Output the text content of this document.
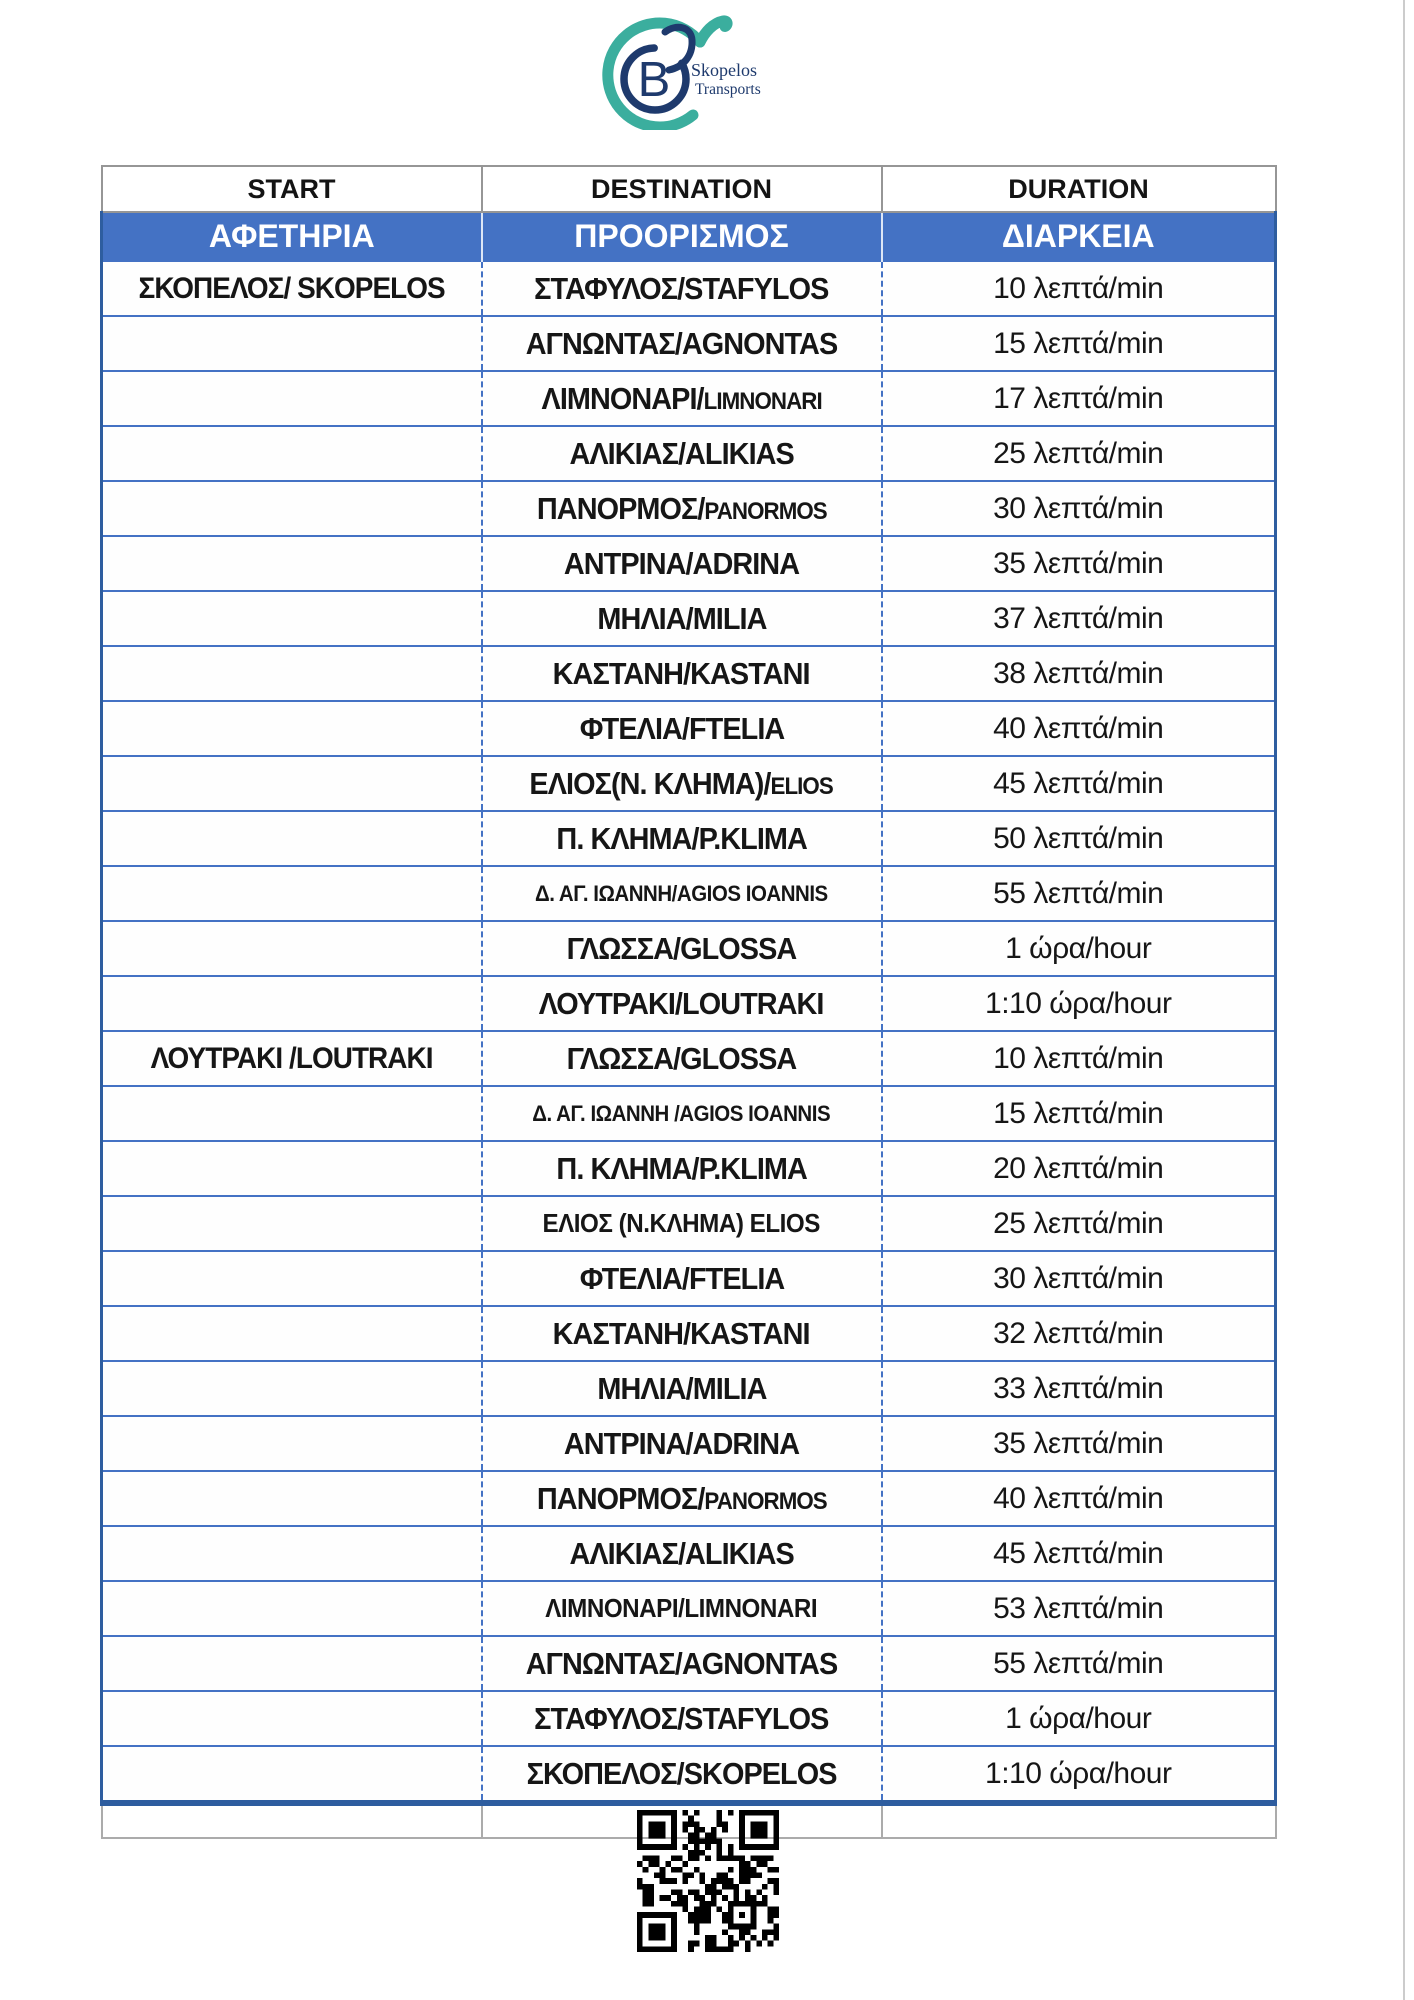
B Skopelos
Transports
START	DESTINATION	DURATION
ΑΦΕΤΗΡΙΑ	ΠΡΟΟΡΙΣΜΟΣ	ΔΙΑΡΚΕΙΑ
ΣΚΟΠΕΛΟΣ/ SKOPELOS	ΣΤΑΦΥΛΟΣ/STAFYLOS	10 λεπτά/min
	ΑΓΝΩΝΤΑΣ/AGNONTAS	15 λεπτά/min
	ΛΙΜΝΟΝΑΡΙ/LIMNONARI	17 λεπτά/min
	ΑΛΙΚΙΑΣ/ALIKIAS	25 λεπτά/min
	ΠΑΝΟΡΜΟΣ/PANORMOS	30 λεπτά/min
	ΑΝΤΡΙΝΑ/ADRINA	35 λεπτά/min
	ΜΗΛΙΑ/MILIA	37 λεπτά/min
	ΚΑΣΤΑΝΗ/KASTANI	38 λεπτά/min
	ΦΤΕΛΙΑ/FTELIA	40 λεπτά/min
	ΕΛΙΟΣ(Ν. ΚΛΗΜΑ)/ELIOS	45 λεπτά/min
	Π. ΚΛΗΜΑ/P.KLIMA	50 λεπτά/min
	Δ. ΑΓ. ΙΩΑΝΝΗ/AGIOS IOANNIS	55 λεπτά/min
	ΓΛΩΣΣΑ/GLOSSA	1 ώρα/hour
	ΛΟΥΤΡΑΚΙ/LOUTRAKI	1:10 ώρα/hour
ΛΟΥΤΡΑΚΙ /LOUTRAKI	ΓΛΩΣΣΑ/GLOSSA	10 λεπτά/min
	Δ. ΑΓ. ΙΩΑΝΝΗ /AGIOS IOANNIS	15 λεπτά/min
	Π. ΚΛΗΜΑ/P.KLIMA	20 λεπτά/min
	ΕΛΙΟΣ (Ν.ΚΛΗΜΑ) ELIOS	25 λεπτά/min
	ΦΤΕΛΙΑ/FTELIA	30 λεπτά/min
	ΚΑΣΤΑΝΗ/KASTANI	32 λεπτά/min
	ΜΗΛΙΑ/MILIA	33 λεπτά/min
	ΑΝΤΡΙΝΑ/ADRINA	35 λεπτά/min
	ΠΑΝΟΡΜΟΣ/PANORMOS	40 λεπτά/min
	ΑΛΙΚΙΑΣ/ALIKIAS	45 λεπτά/min
	ΛΙΜΝΟΝΑΡΙ/LIMNONARI	53 λεπτά/min
	ΑΓΝΩΝΤΑΣ/AGNONTAS	55 λεπτά/min
	ΣΤΑΦΥΛΟΣ/STAFYLOS	1 ώρα/hour
	ΣΚΟΠΕΛΟΣ/SKOPELOS	1:10 ώρα/hour
